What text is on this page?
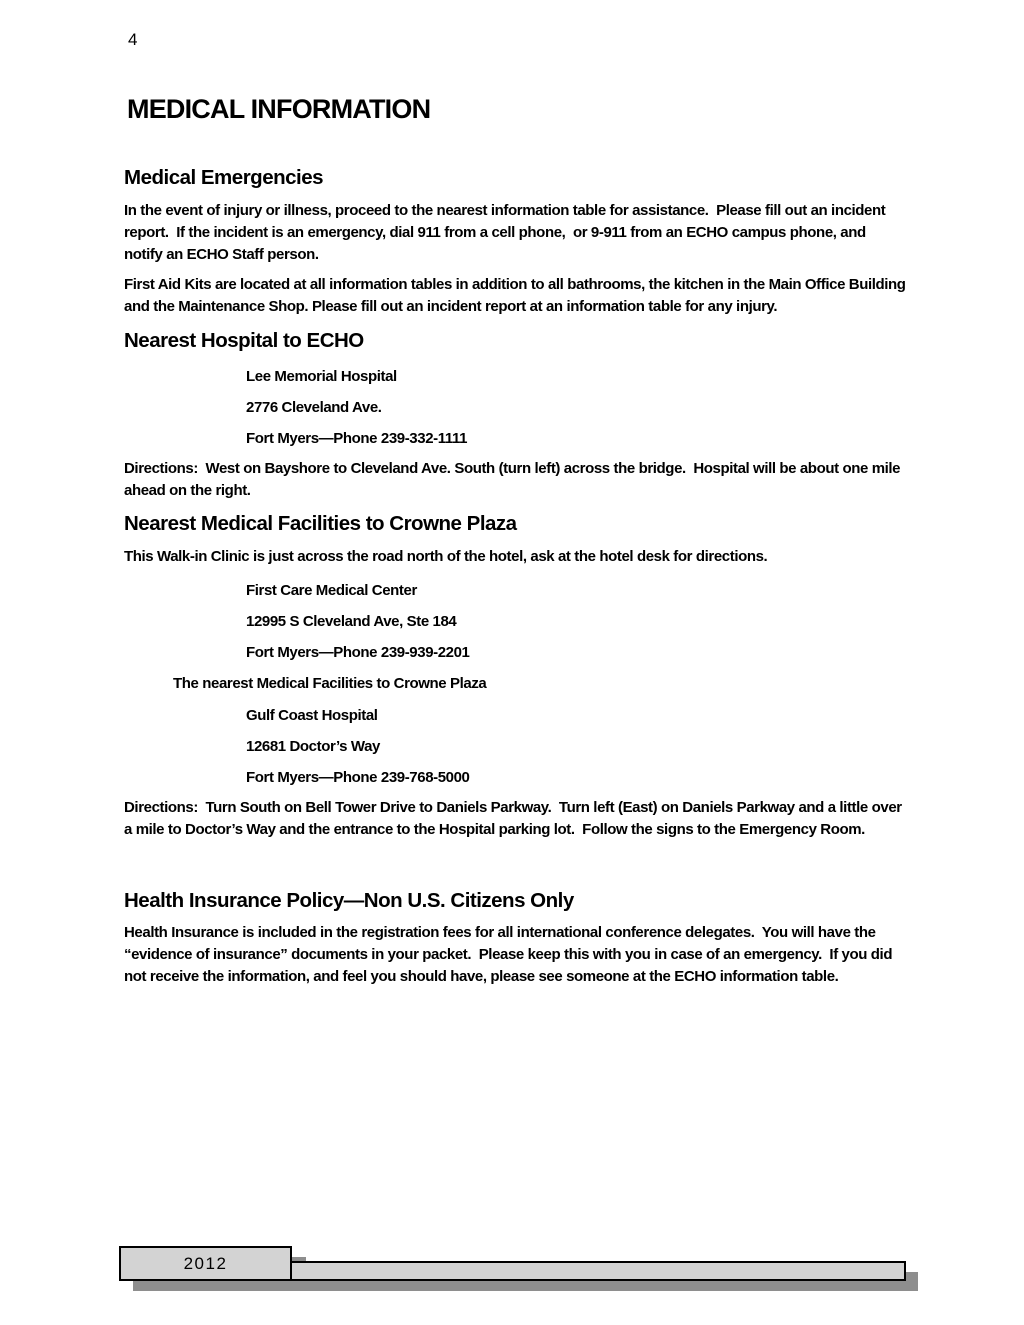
4
MEDICAL INFORMATION
Medical Emergencies

In the event of injury or illness, proceed to the nearest information table for assistance.  Please fill out an incident report.  If the incident is an emergency, dial 911 from a cell phone,  or 9-911 from an ECHO campus phone, and notify an ECHO Staff person.

First Aid Kits are located at all information tables in addition to all bathrooms, the kitchen in the Main Office Building and the Maintenance Shop. Please fill out an incident report at an information table for any injury.

Nearest Hospital to ECHO

Lee Memorial Hospital

2776 Cleveland Ave.

Fort Myers—Phone 239-332-1111

Directions:  West on Bayshore to Cleveland Ave. South (turn left) across the bridge.  Hospital will be about one mile ahead on the right.

Nearest Medical Facilities to Crowne Plaza

This Walk-in Clinic is just across the road north of the hotel, ask at the hotel desk for directions.

First Care Medical Center

12995 S Cleveland Ave, Ste 184

Fort Myers—Phone 239-939-2201

The nearest Medical Facilities to Crowne Plaza

Gulf Coast Hospital

12681 Doctor’s Way

Fort Myers—Phone 239-768-5000

Directions:  Turn South on Bell Tower Drive to Daniels Parkway.  Turn left (East) on Daniels Parkway and a little over a mile to Doctor’s Way and the entrance to the Hospital parking lot.  Follow the signs to the Emergency Room.

Health Insurance Policy—Non U.S. Citizens Only

Health Insurance is included in the registration fees for all international conference delegates.  You will have the “evidence of insurance” documents in your packet.  Please keep this with you in case of an emergency.  If you did not receive the information, and feel you should have, please see someone at the ECHO information table.

2012
